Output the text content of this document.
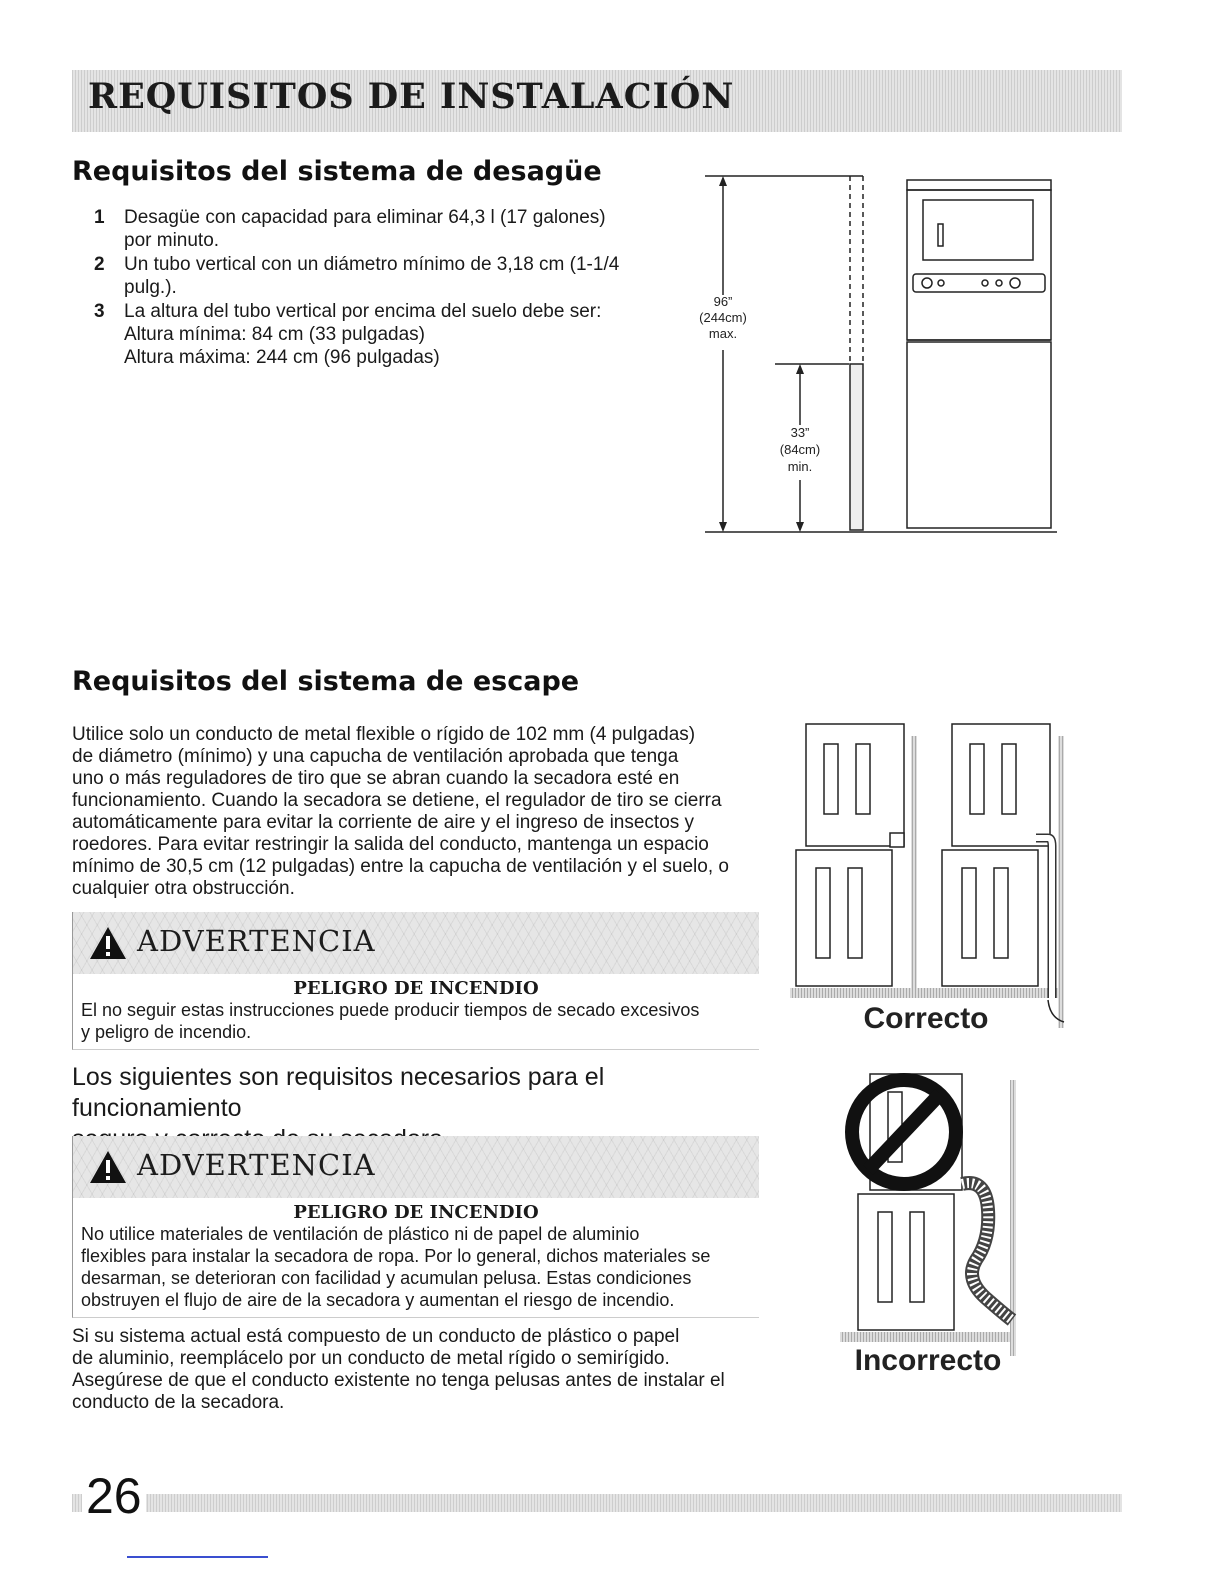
REQUISITOS DE INSTALACIÓN
Requisitos del sistema de desagüe
1 Desagüe con capacidad para eliminar 64,3 l (17 galones)
por minuto.
2 Un tubo vertical con un diámetro mínimo de 3,18 cm (1-1/4
pulg.).
3 La altura del tubo vertical por encima del suelo debe ser:
Altura mínima: 84 cm (33 pulgadas)
Altura máxima: 244 cm (96 pulgadas)
96”
(244cm)
max.
33”
(84cm)
min.
Requisitos del sistema de escape

Utilice solo un conducto de metal flexible o rígido de 102 mm (4 pulgadas)
de diámetro (mínimo) y una capucha de ventilación aprobada que tenga
uno o más reguladores de tiro que se abran cuando la secadora esté en
funcionamiento. Cuando la secadora se detiene, el regulador de tiro se cierra
automáticamente para evitar la corriente de aire y el ingreso de insectos y
roedores. Para evitar restringir la salida del conducto, mantenga un espacio
mínimo de 30,5 cm (12 pulgadas) entre la capucha de ventilación y el suelo, o
cualquier otra obstrucción.

ADVERTENCIA
PELIGRO DE INCENDIO
El no seguir estas instrucciones puede producir tiempos de secado excesivos
y peligro de incendio.

Los siguientes son requisitos necesarios para el funcionamiento

ADVERTENCIA
PELIGRO DE INCENDIO
No utilice materiales de ventilación de plástico ni de papel de aluminio
flexibles para instalar la secadora de ropa. Por lo general, dichos materiales se
desarman, se deterioran con facilidad y acumulan pelusa. Estas condiciones
obstruyen el flujo de aire de la secadora y aumentan el riesgo de incendio.

Si su sistema actual está compuesto de un conducto de plástico o papel
de aluminio, reemplácelo por un conducto de metal rígido o semirígido.
Asegúrese de que el conducto existente no tenga pelusas antes de instalar el
conducto de la secadora.

Correcto
Incorrecto
26
